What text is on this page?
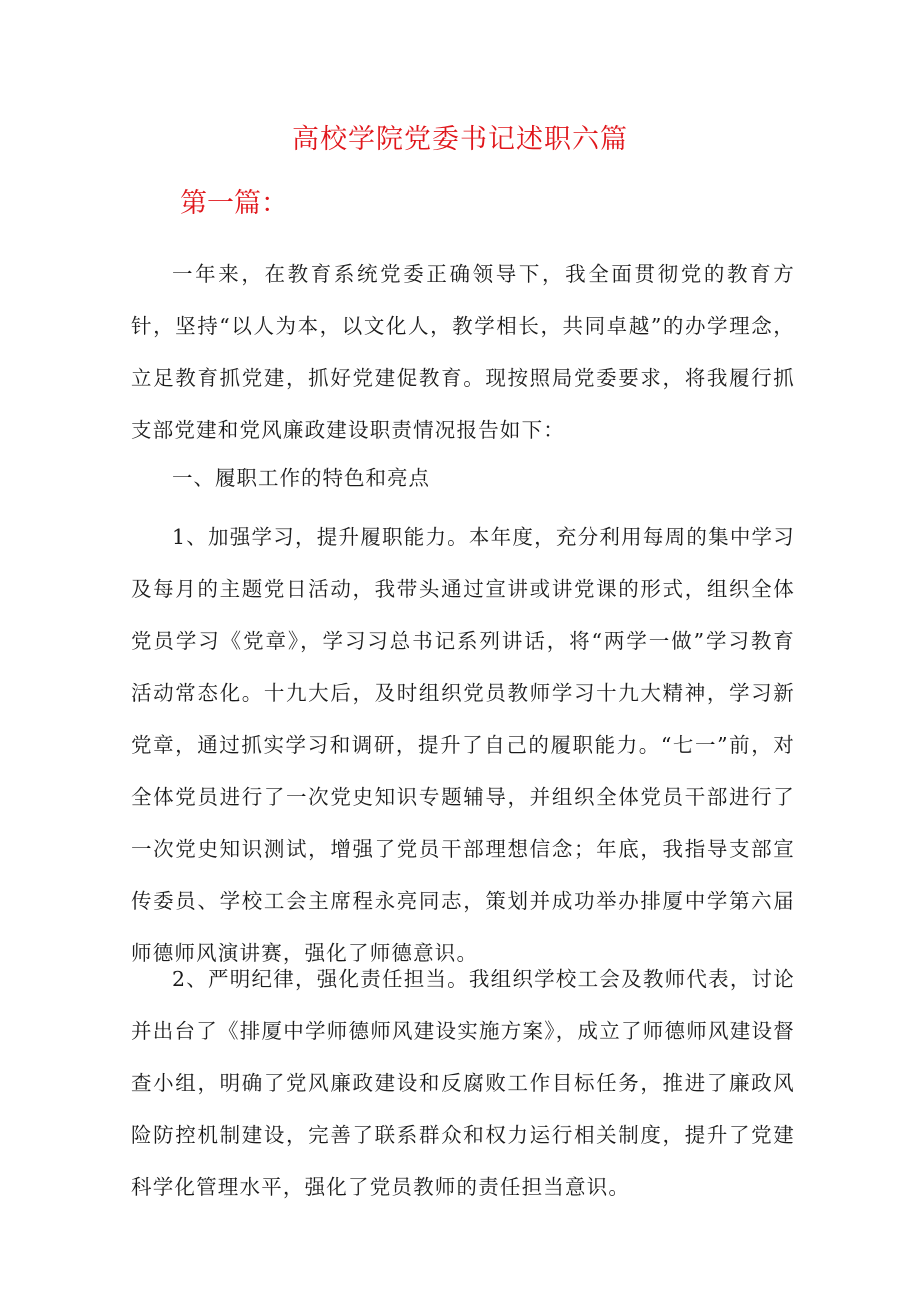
高校学院党委书记述职六篇
第一篇：

一年来，在教育系统党委正确领导下，我全面贯彻党的教育方针，坚持“以人为本，以文化人，教学相长，共同卓越”的办学理念，立足教育抓党建，抓好党建促教育。现按照局党委要求，将我履行抓支部党建和党风廉政建设职责情况报告如下：

一、履职工作的特色和亮点

1、加强学习，提升履职能力。本年度，充分利用每周的集中学习及每月的主题党日活动，我带头通过宣讲或讲党课的形式，组织全体党员学习《党章》，学习习总书记系列讲话，将“两学一做”学习教育活动常态化。十九大后，及时组织党员教师学习十九大精神，学习新党章，通过抓实学习和调研，提升了自己的履职能力。“七一”前，对全体党员进行了一次党史知识专题辅导，并组织全体党员干部进行了一次党史知识测试，增强了党员干部理想信念；年底，我指导支部宣传委员、学校工会主席程永亮同志，策划并成功举办排厦中学第六届师德师风演讲赛，强化了师德意识。

2、严明纪律，强化责任担当。我组织学校工会及教师代表，讨论并出台了《排厦中学师德师风建设实施方案》，成立了师德师风建设督查小组，明确了党风廉政建设和反腐败工作目标任务，推进了廉政风险防控机制建设，完善了联系群众和权力运行相关制度，提升了党建科学化管理水平，强化了党员教师的责任担当意识。
